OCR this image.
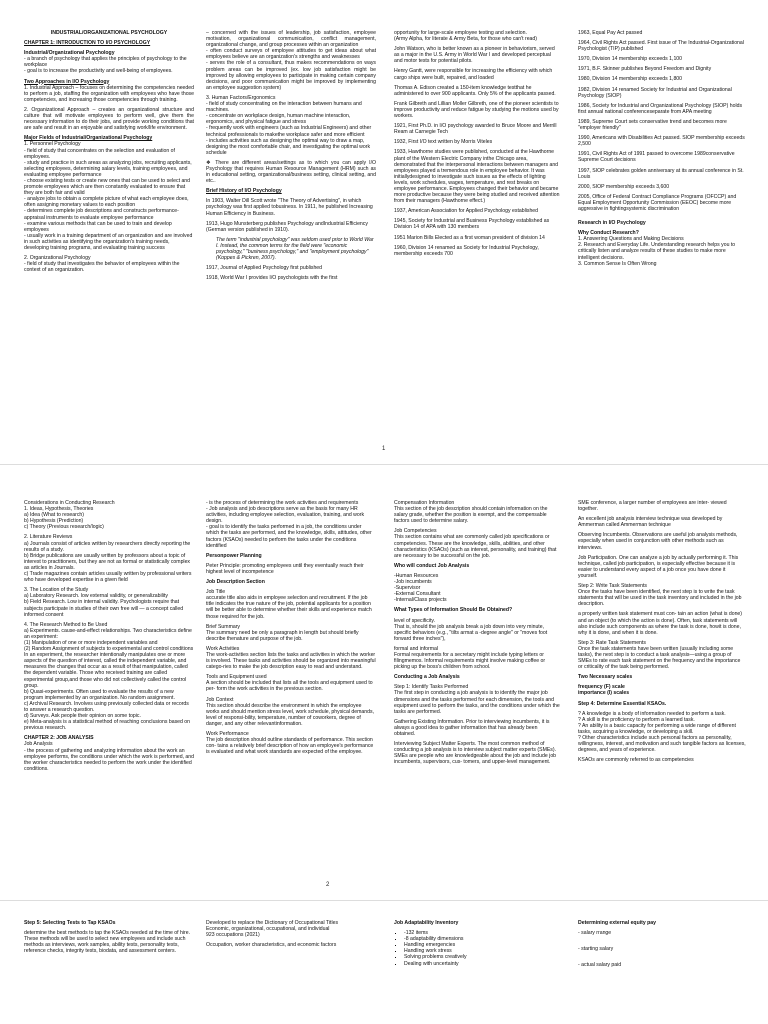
INDUSTRIAL/ORGANIZATIONAL PSYCHOLOGY

CHAPTER 1: INTRODUCTION TO I/O PSYCHOLOGY

Industrial/Organizational Psychology

- a branch of psychology that applies the principles of psychology to the workplace
- goal is to increase the productivity and well-being of employees.

Two Approaches in I/O Psychology

1. Industrial Approach – focuses on determining the competencies needed to perform a job, staffing the organization with employees who have those competencies, and increasing those competencies through training.

2. Organizational Approach – creates an organizational structure and culture that will motivate employees to perform well, give them the necessary information to do their jobs, and provide working conditions that are safe and result in an enjoyable and satisfying work/life environment.

Major Fields of Industrial/Organizational Psychology

1. Personnel Psychology
- field of study that concentrates on the selection and evaluation of employees.
- study and practice in such areas as analyzing jobs, recruiting applicants, selecting employees, determining salary levels, training employees, and evaluating employee performance
- choose existing tests or create new ones that can be used to select and promote employees which are then constantly evaluated to ensure that they are both fair and valid
- analyze jobs to obtain a complete picture of what each employee does, often assigning monetary values to each position
- determines complete job descriptions and constructs performance-appraisal instruments to evaluate employee performance
- examine various methods that can be used to train and develop employees
- usually work in a training department of an organization and are involved in such activities as identifying the organization's training needs, developing training programs, and evaluating training success

2. Organizational Psychology
- field of study that investigates the behavior of employees within the context of an organization.

– concerned with the issues of leadership, job satisfaction, employee motivation, organizational communication, conflict management, organizational change, and group processes within an organization
- often conduct surveys of employee attitudes to get ideas about what employees believe are an organization's strengths and weaknesses
- serves the role of a consultant, thus makes recommendations on ways problem areas can be improved (ex. low job satisfaction might be improved by allowing employees to participate in making certain company decisions, and poor communication might be improved by implementing an employee suggestion system)

3. Human Factors/Ergonomics
- field of study concentrating on the interaction between humans and machines.
- concentrate on workplace design, human machine interaction, ergonomics, and physical fatigue and stress
- frequently work with engineers (such as Industrial Engineers) and other technical professionals to makethe workplace safer and more efficient
- includes activities such as designing the optimal way to draw a map, designing the most comfortable chair, and investigating the optimal work schedule

❖ There are different areas/settings as to which you can apply I/O Psychology that requires Human Resource Management (HRM) such as in educational setting, organizational/business setting, clinical setting, and etc..

Brief History of I/O Psychology

In 1903, Walter Dill Scott wrote "The Theory of Advertising", in which psychology was first applied tobusiness. In 1911, he published Increasing Human Efficiency in Business.

1913, Hugo Munsterberg publishes Psychology andIndustrial Efficiency (German version published in 1910).

The term "industrial psychology" was seldom used prior to World War I. Instead, the common terms for the field were "economic psychology," "business psychology," and "employment psychology" (Koppes & Pickren, 2007).

1917, Journal of Applied Psychology first published

1918, World War I provides I/O psychologists with the first

opportunity for large-scale employee testing and selection.
(Army Alpha, for literate & Army Beta, for those who can't read)

John Watson, who is better known as a pioneer in behaviorism, served as a major in the U.S. Army in World War I and developed perceptual and motor tests for potential pilots.

Henry Gantt, were responsible for increasing the efficiency with which cargo ships were built, repaired, and loaded

Thomas A. Edison created a 150-item knowledge testthat he administered to over 900 applicants. Only 5% of the applicants passed.

Frank Gilbreth and Lillian Moller Gilbreth, one of the pioneer scientists to improve productivity and reduce fatigue by studying the motions used by workers.

1921, First Ph.D. in I/O psychology awarded to Bruce Moore and Merrill Ream at Carnegie Tech

1932, First I/O text written by Morris Viteles

1933, Hawthorne studies were published, conducted at the Hawthorne plant of the Western Electric Company inthe Chicago area, demonstrated that the interpersonal interactions between managers and employees played a tremendous role in employee behavior. It was initiallydesigned to investigate such issues as the effects of lighting levels, work schedules, wages, temperature, and rest breaks on employee performance. Employees changed their behavior and became more productive because they were being studied and received attention from their managers (Hawthorne effect.)

1937, American Association for Applied Psychology established

1945, Society for Industrial and Business Psychology established as Division 14 of APA with 130 members

1951 Marion Bills Elected as a first woman president of division 14

1960, Division 14 renamed as Society for Industrial Psychology, membership exceeds 700

1963, Equal Pay Act passed

1964, Civil Rights Act passed. First issue of The Industrial-Organizational Psychologist (TIP) published

1970, Division 14 membership exceeds 1,100

1971, B.F. Skinner publishes Beyond Freedom and Dignity

1980, Division 14 membership exceeds 1,800

1982, Division 14 renamed Society for Industrial and Organizational Psychology (SIOP)

1986, Society for Industrial and Organizational Psychology (SIOP) holds first annual national conferenceseparate from APA meeting

1989, Supreme Court sets conservative trend and becomes more "employer friendly"

1990, Americans with Disabilities Act passed. SIOP membership exceeds 2,500

1991, Civil Rights Act of 1991 passed to overcome 1989conservative Supreme Court decisions

1997, SIOP celebrates golden anniversary at its annual conference in St. Louis

2000, SIOP membership exceeds 3,600

2005, Office of Federal Contract Compliance Programs (OFCCP) and Equal Employment Opportunity Commission (EEOC) become more aggressive in fightingsystemic discrimination

Research in I/O Psychology

Why Conduct Research?

1. Answering Questions and Making Decisions
2. Research and Everyday Life. Understanding research helps you to critically listen and analyze results of these studies to make more intelligent decisions.
3. Common Sense Is Often Wrong

1

Considerations in Conducting Research
1. Ideas, Hypothesis, Theories
a) Idea (What to research)
b) Hypothesis (Prediction)
c) Theory (Previous research/logic)

2. Literature Reviews
a) Journals consist of articles written by researchers directly reporting the results of a study.
b) Bridge publications are usually written by professors about a topic of interest to practitioners, but they are not as formal or statistically complex as articles in Journals.
c) Trade magazines contain articles usually written by professional writers who have developed expertise in a given field

3. The Location of the Study
a) Laboratory Research. low external validity, or generalizability
b) Field Research. Low in internal validity. Psychologists require that subjects participate in studies of their own free will — a concept called informed consent

4. The Research Method to Be Used
a) Experiments. cause-and-effect relationships. Two characteristics define an experiment:
(1) Manipulation of one or more independent variables and
(2) Random Assignment of subjects to experimental and control conditions In an experiment, the researcher intentionally manipulates one or more aspects of the question of interest, called the independent variable, and measures the changes that occur as a result of that manipulation, called the dependent variable. Those who received training are called experimental group,and those who did not collectively called the control group.
b) Quasi-experiments. Often used to evaluate the results of a new program implemented by an organization. No random assignment.
c) Archival Research. Involves using previously collected data or records to answer a research question.
d) Surveys. Ask people their opinion on some topic.
e) Meta-analysis is a statistical method of reaching conclusions based on previous research.

CHAPTER 2: JOB ANALYSIS

Job Analysis
- the process of gathering and analyzing information about the work an employee performs, the conditions under which the work is performed, and the worker characteristics needed to perform the work under the identified conditions.

- is the process of determining the work activities and requirements
- Job analysis and job descriptions serve as the basis for many HR activities, including employee selection, evaluation, training, and work design.
- goal is to identify the tasks performed in a job, the conditions under which the tasks are performed, and the knowledge, skills, attitudes, other factors (KSAOs) needed to perform the tasks under the conditions identified

Personpower Planning

Peter Principle: promoting employees until they eventually reach their highest level of incompetence

Job Description Section

Job Title
accurate title also aids in employee selection and recruitment. If the job title indicates the true nature of the job, potential applicants for a position will be better able to determine whether their skills and experience match those required for the job.

Brief Summary
The summary need be only a paragraph in length but should briefly describe thenature and purpose of the job.

Work Activities
The work-activities section lists the tasks and activities in which the worker is involved. These tasks and activities should be organized into meaningful catego-ries to make the job description easy to read and understand.

Tools and Equipment used
A section should be included that lists all the tools and equipment used to per- form the work activities in the previous section.

Job Context
This section should describe the environment in which the employee works and should mention stress level, work schedule, physical demands, level of responsi-bility, temperature, number of coworkers, degree of danger, and any other relevantinformation.

Work Performance
The job description should outline standards of performance. This section con- tains a relatively brief description of how an employee's performance is evaluated and what work standards are expected of the employee.

Compensation Information
This section of the job description should contain information on the salary grade, whether the position is exempt, and the compensable factors used to determine salary.

Job Competencies
This section contains what are commonly called job specifications or competencies. These are the knowledge, skills, abilities, and other characteristics (KSAOs) (such as interest, personality, and training) that are necessary to be successful on the job.

Who will conduct Job Analysis

-Human Resources
-Job incumbents
-Supervisor
-External Consultant
-Internal/Class projects

What Types of Information Should Be Obtained?

level of specificity.
That is, should the job analysis break a job down into very minute, specific behaviors (e.g., "tilts armat a -degree angle" or "moves foot forward three inches"),

formal and informal
Formal requirements for a secretary might include typing letters or filingmemos. Informal requirements might involve making coffee or picking up the boss's children from school.

Conducting a Job Analysis

Step 1: Identify Tasks Performed
The first step in conducting a job analysis is to identify the major job dimensions and the tasks performed for each dimension, the tools and equipment used to perform the tasks, and the conditions under which the tasks are performed.

Gathering Existing Information. Prior to interviewing incumbents, it is always a good idea to gather information that has already been obtained.

Interviewing Subject Matter Experts. The most common method of conducting a job analysis is to interview subject matter experts (SMEs). SMEs are people who are knowledgeable about the job and include job incumbents, supervisors, cus- tomers, and upper-level management.

SME conference, a larger number of employees are inter- viewed together.

An excellent job analysis interview technique was developed by Ammerman called Ammerman technique

Observing Incumbents. Observations are useful job analysis methods, especially when used in conjunction with other methods such as interviews.

Job Participation. One can analyze a job by actually performing it. This technique, called job participation, is especially effective because it is easier to understand every aspect of a job once you have done it yourself.

Step 2: Write Task Statements
Once the tasks have been identified, the next step is to write the task statements that will be used in the task inventory and included in the job description.

a properly written task statement must con- tain an action (what is done) and an object (to which the action is done). Often, task statements will also include such components as where the task is done, howit is done, why it is done, and when it is done.

Step 3: Rate Task Statements
Once the task statements have been written (usually including some tasks), the next step is to conduct a task analysis—using a group of SMEs to rate each task statement on the frequency and the importance or criticality of the task being performed.

Two Necessary scales

frequency (F) scale
importance (I) scales

Step 4: Determine Essential KSAOs.

? A knowledge is a body of information needed to perform a task.
? A skill is the proficiency to perform a learned task.
? An ability is a basic capacity for performing a wide range of different tasks, acquiring a knowledge, or developing a skill.
? Other characteristics include such personal factors as personality, willingness, interest, and motivation and such tangible factors as licenses, degrees, and years of experience.

KSAOs are commonly referred to as competencies

2

Step 5: Selecting Tests to Tap KSAOs

determine the best methods to tap the KSAOs needed at the time of hire. These methods will be used to select new employees and include such methods as interviews, work samples, ability tests, personality tests, reference checks, integrity tests, biodata, and assessment centers.

Developed to replace the Dictionary of Occupational Titles
Economic, organizational, occupational, and individual
923 occupations (2021)

Occupation, worker characteristics, and economic factors

Job Adaptability Inventory

▪ -132 items
▪ -8 adaptability dimensions
▪ Handling emergencies
▪ Handling work stress
▪ Solving problems creatively
▪ Dealing with uncertainty

Determining external equity pay

- salary rrange

- starting salary

- actual salary paid
